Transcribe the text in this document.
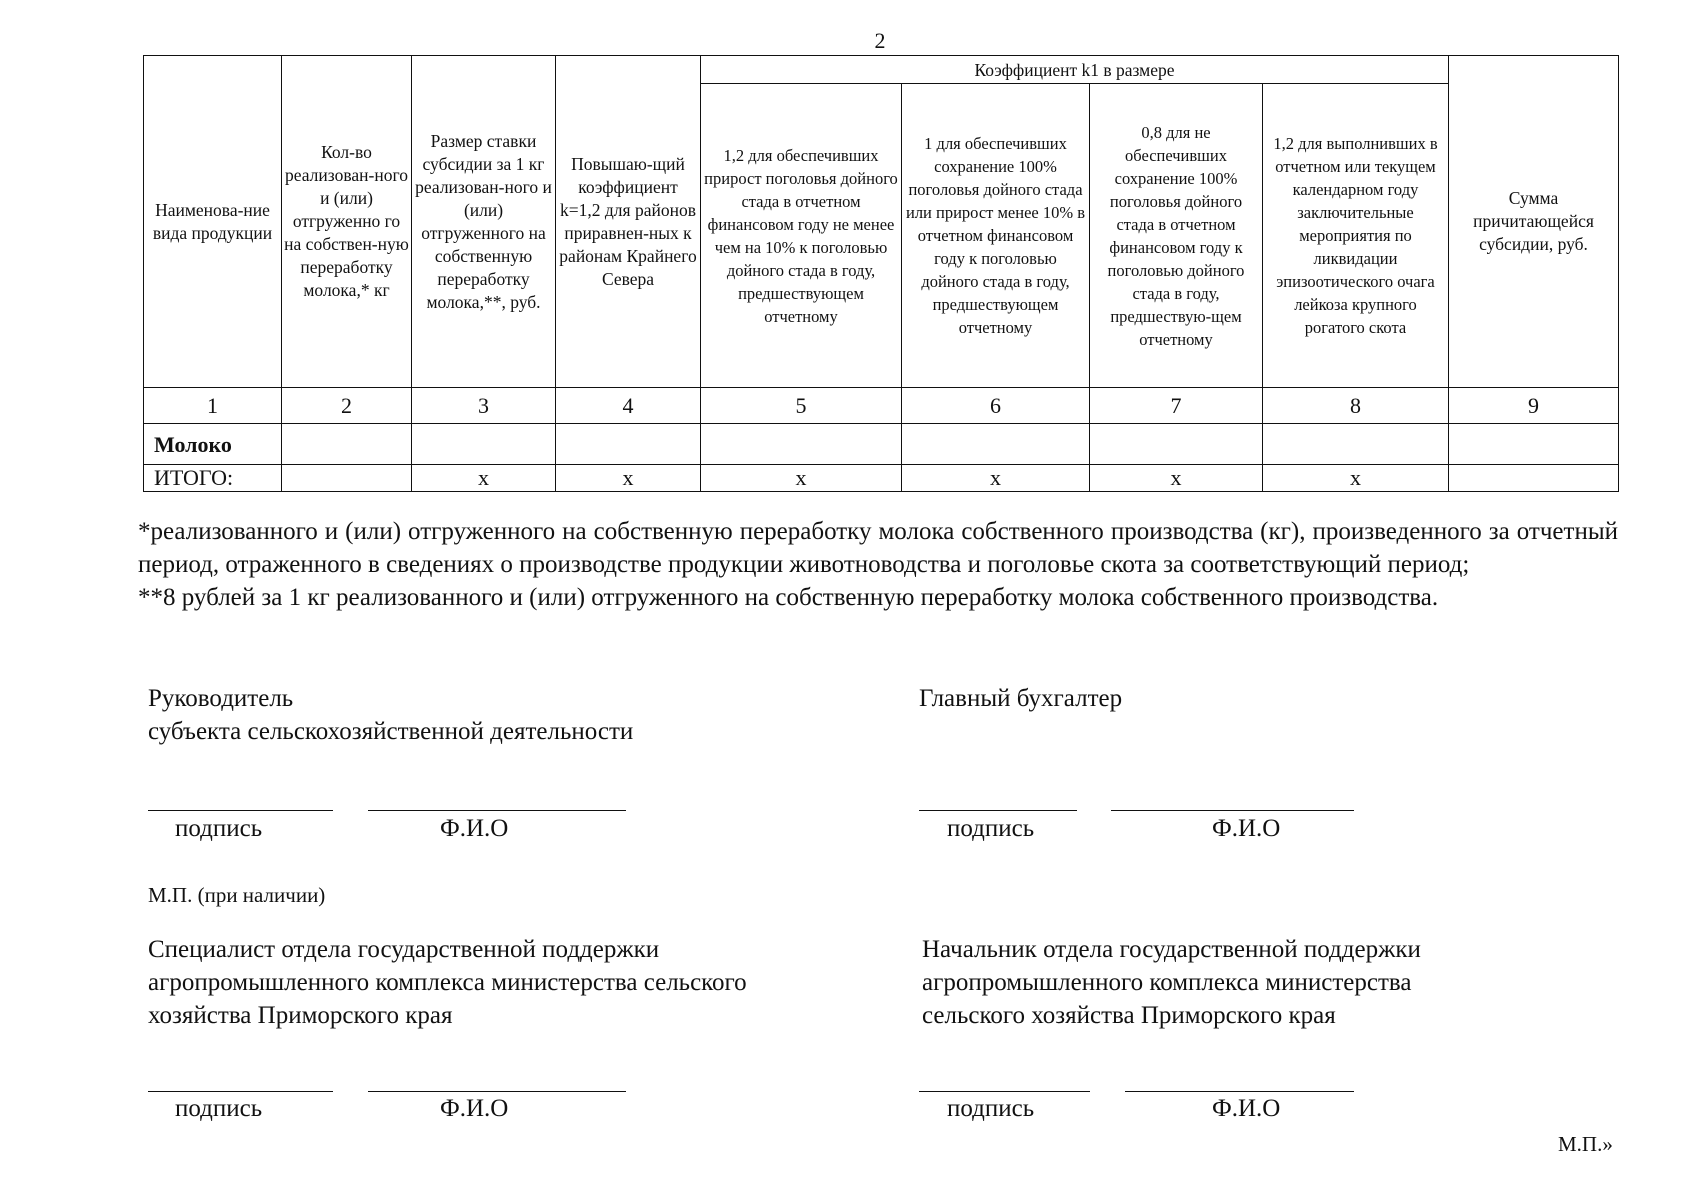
2
Наименова-ние вида продукции	Кол-во реализован-ного и (или) отгруженно го на собствен-ную переработку молока,* кг	Размер ставки субсидии за 1 кг реализован-ного и (или) отгруженного на собственную переработку молока,**, руб.	Повышаю-щий коэффициент k=1,2 для районов приравнен-ных к районам Крайнего Севера	Коэффициент k1 в размере				Сумма причитающейся субсидии, руб.
				1,2 для обеспечивших прирост поголовья дойного стада в отчетном финансовом году не менее чем на 10% к поголовью дойного стада в году, предшествующем отчетному	1 для обеспечивших сохранение 100% поголовья дойного стада или прирост менее 10% в отчетном финансовом году к поголовью дойного стада в году, предшествующем отчетному	0,8 для не обеспечивших сохранение 100% поголовья дойного стада в отчетном финансовом году к поголовью дойного стада в году, предшествую-щем отчетному	1,2 для выполнивших в отчетном или текущем календарном году заключительные мероприятия по ликвидации эпизоотического очага лейкоза крупного рогатого скота	
1	2	3	4	5	6	7	8	9
Молоко								
ИТОГО:		х	х	х	х	х	х	

*реализованного и (или) отгруженного на собственную переработку молока собственного производства (кг), произведенного за отчетный период, отраженного в сведениях о производстве продукции животноводства и поголовье скота за соответствующий период;

**8 рублей за 1 кг реализованного и (или) отгруженного на собственную переработку молока собственного производства.

Руководитель
субъекта сельскохозяйственной деятельности
Главный бухгалтер
подпись	Ф.И.О	подпись	Ф.И.О
М.П. (при наличии)
Специалист отдела государственной поддержки
агропромышленного комплекса министерства сельского
хозяйства Приморского края
Начальник отдела государственной поддержки
агропромышленного комплекса министерства
сельского хозяйства Приморского края
подпись	Ф.И.О	подпись	Ф.И.О
М.П.»
